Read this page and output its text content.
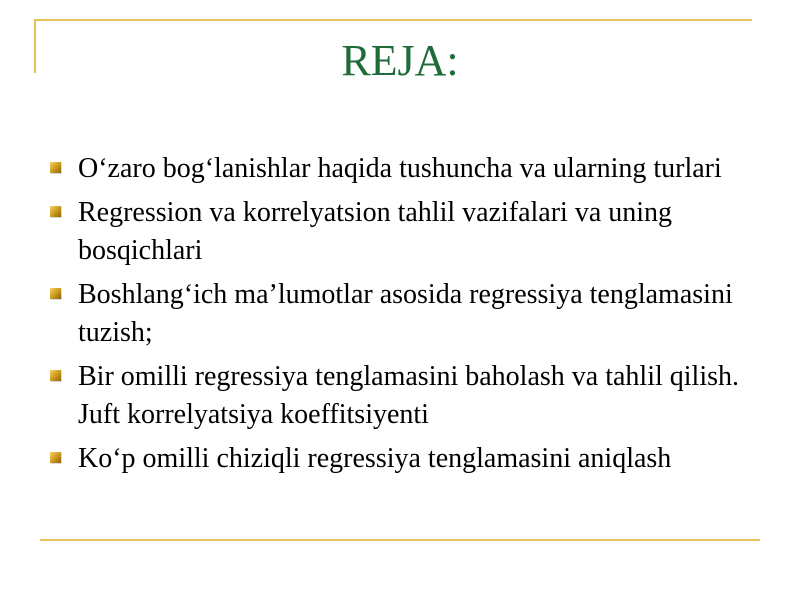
REJA:
O‘zaro bog‘lanishlar haqida tushuncha va ularning turlari
Regression va korrelyatsion tahlil vazifalari va uning bosqichlari
Boshlang‘ich ma’lumotlar asosida regressiya tenglamasini tuzish;
Bir omilli regressiya tenglamasini baholash va tahlil qilish. Juft korrelyatsiya koeffitsiyenti
Ko‘p omilli chiziqli regressiya tenglamasini aniqlash
